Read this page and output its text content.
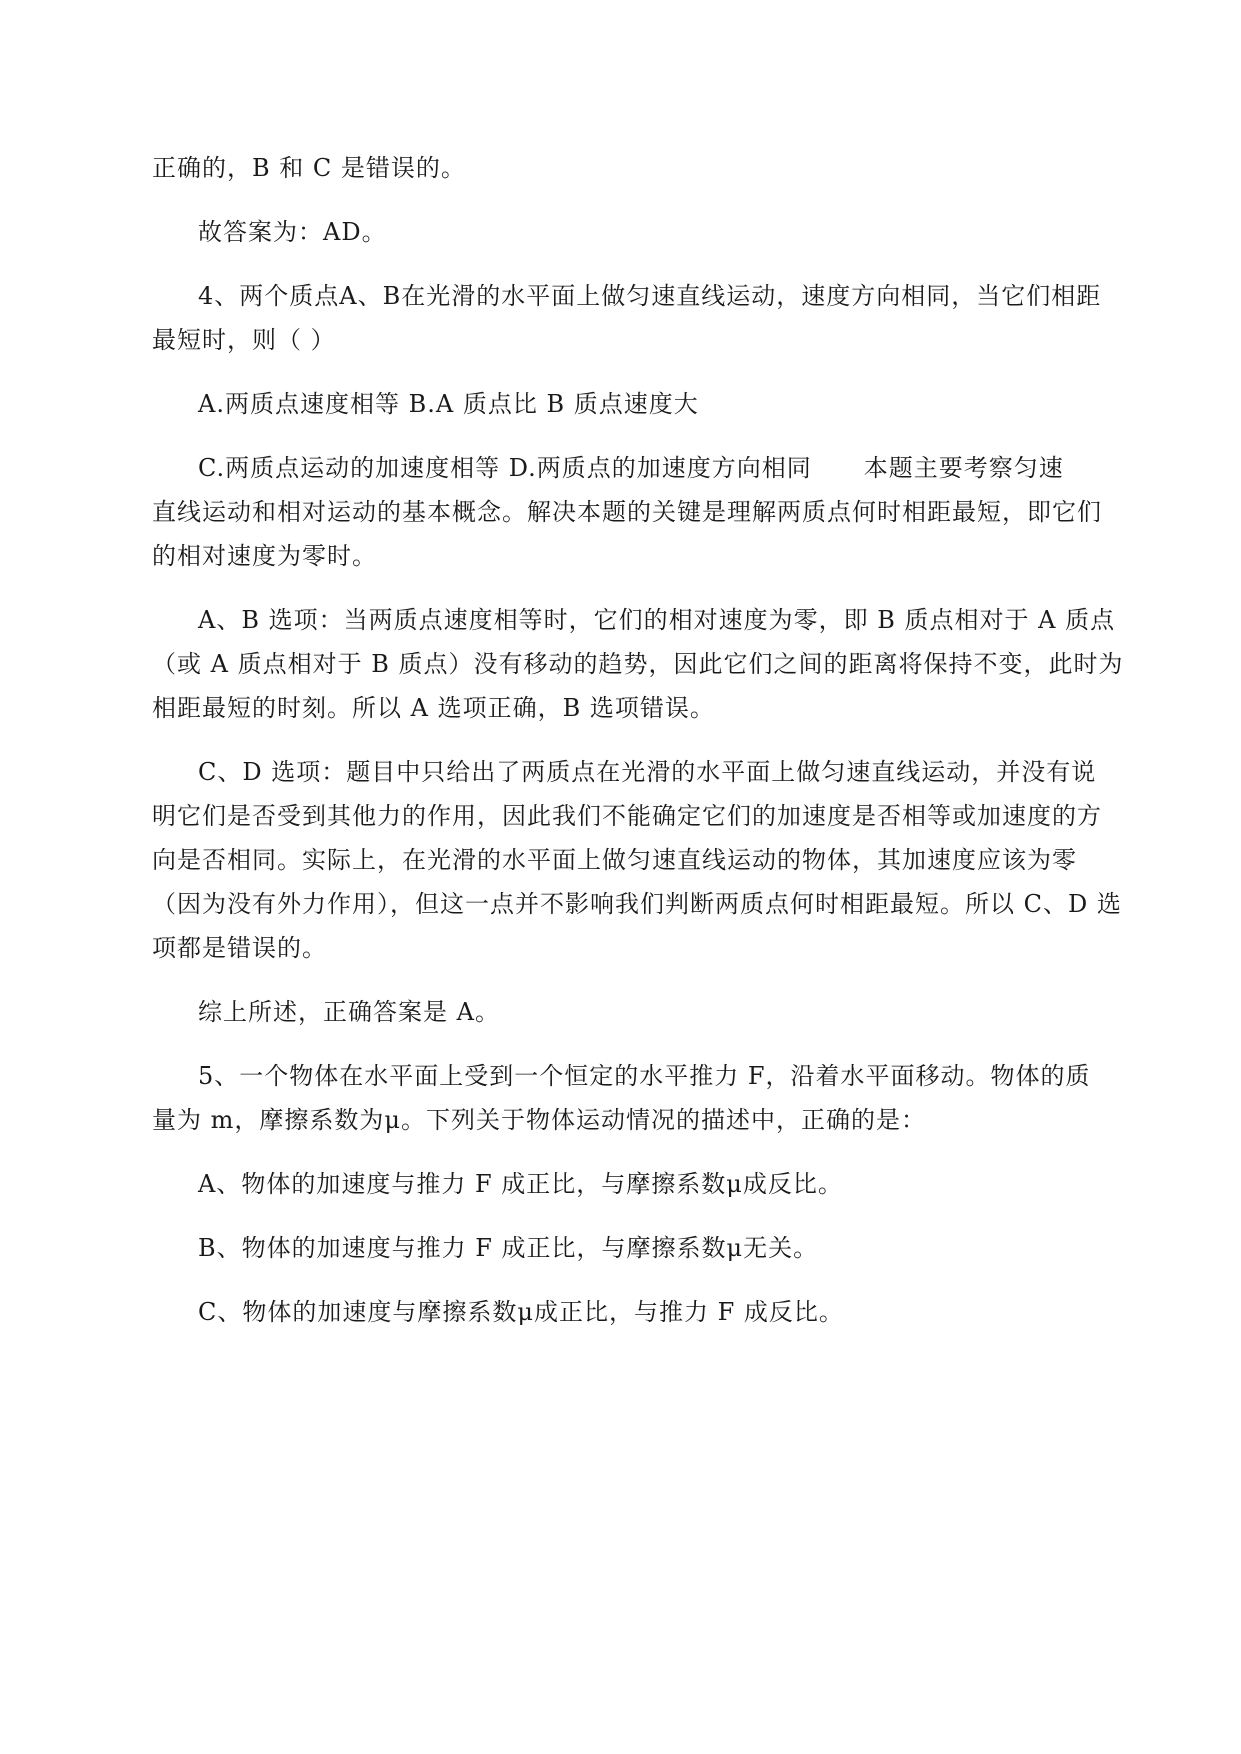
正确的，B 和 C 是错误的。
故答案为：AD。
4、两个质点A、B在光滑的水平面上做匀速直线运动，速度方向相同，当它们相距
最短时，则（ ）
A.两质点速度相等 B.A 质点比 B 质点速度大
C.两质点运动的加速度相等 D.两质点的加速度方向相同 本题主要考察匀速
直线运动和相对运动的基本概念。解决本题的关键是理解两质点何时相距最短，即它们
的相对速度为零时。
A、B 选项：当两质点速度相等时，它们的相对速度为零，即 B 质点相对于 A 质点
（或 A 质点相对于 B 质点）没有移动的趋势，因此它们之间的距离将保持不变，此时为
相距最短的时刻。所以 A 选项正确，B 选项错误。
C、D 选项：题目中只给出了两质点在光滑的水平面上做匀速直线运动，并没有说
明它们是否受到其他力的作用，因此我们不能确定它们的加速度是否相等或加速度的方
向是否相同。实际上，在光滑的水平面上做匀速直线运动的物体，其加速度应该为零
（因为没有外力作用），但这一点并不影响我们判断两质点何时相距最短。所以 C、D 选
项都是错误的。
综上所述，正确答案是 A。
5、一个物体在水平面上受到一个恒定的水平推力 F，沿着水平面移动。物体的质
量为 m，摩擦系数为μ。下列关于物体运动情况的描述中，正确的是：
A、物体的加速度与推力 F 成正比，与摩擦系数μ成反比。
B、物体的加速度与推力 F 成正比，与摩擦系数μ无关。
C、物体的加速度与摩擦系数μ成正比，与推力 F 成反比。
